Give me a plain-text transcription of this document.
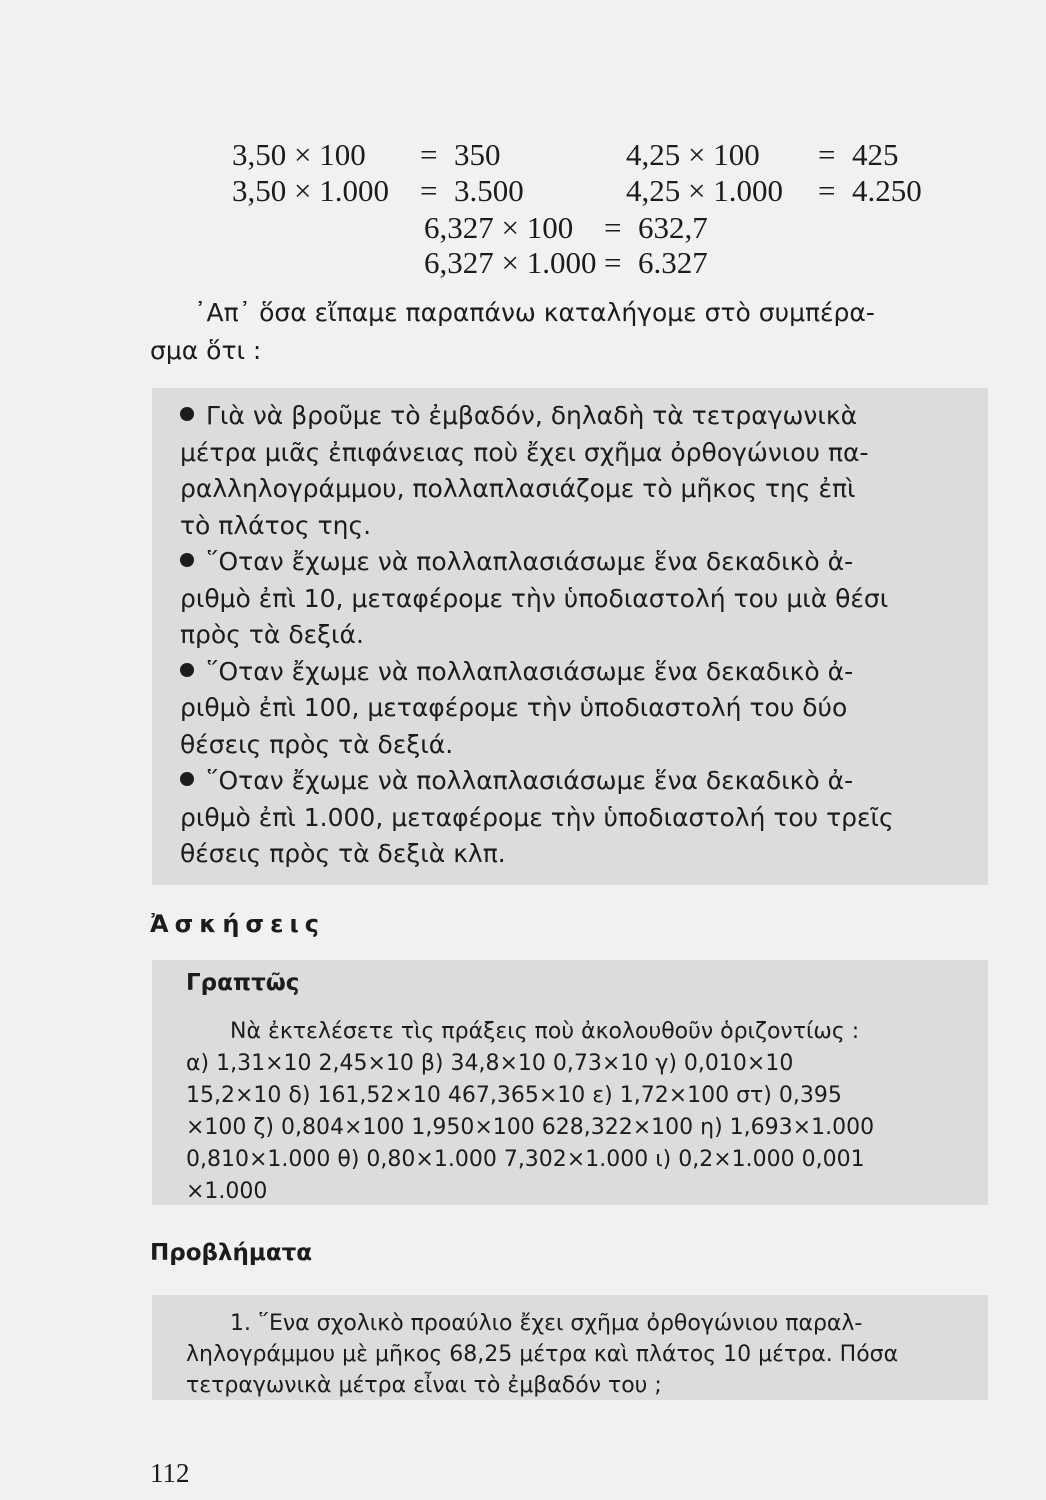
3,50 × 100 = 350
3,50 × 1.000 = 3.500
4,25 × 100 = 425
4,25 × 1.000 = 4.250
6,327 × 100 = 632,7
6,327 × 1.000 = 6.327

᾿Απ᾿ ὅσα εἴπαμε παραπάνω καταλήγομε στὸ συμπέρα-
σμα ὅτι :

Γιὰ νὰ βροῦμε τὸ ἐμβαδόν, δηλαδὴ τὰ τετραγωνικὰ
μέτρα μιᾶς ἐπιφάνειας ποὺ ἔχει σχῆμα ὀρθογώνιου πα-
ραλληλογράμμου, πολλαπλασιάζομε τὸ μῆκος της ἐπὶ
τὸ πλάτος της.
῞Οταν ἔχωμε νὰ πολλαπλασιάσωμε ἕνα δεκαδικὸ ἀ-
ριθμὸ ἐπὶ 10, μεταφέρομε τὴν ὑποδιαστολή του μιὰ θέσι
πρὸς τὰ δεξιά.
῞Οταν ἔχωμε νὰ πολλαπλασιάσωμε ἕνα δεκαδικὸ ἀ-
ριθμὸ ἐπὶ 100, μεταφέρομε τὴν ὑποδιαστολή του δύο
θέσεις πρὸς τὰ δεξιά.
῞Οταν ἔχωμε νὰ πολλαπλασιάσωμε ἕνα δεκαδικὸ ἀ-
ριθμὸ ἐπὶ 1.000, μεταφέρομε τὴν ὑποδιαστολή του τρεῖς
θέσεις πρὸς τὰ δεξιὰ κλπ.
Ἀσκήσεις
Γραπτῶς

Νὰ ἐκτελέσετε τὶς πράξεις ποὺ ἀκολουθοῦν ὁριζοντίως :
α) 1,31×10 2,45×10 β) 34,8×10 0,73×10 γ) 0,010×10
15,2×10 δ) 161,52×10 467,365×10 ε) 1,72×100 στ) 0,395
×100 ζ) 0,804×100 1,950×100 628,322×100 η) 1,693×1.000
0,810×1.000 θ) 0,80×1.000 7,302×1.000 ι) 0,2×1.000 0,001
×1.000

Προβλήματα

1. ῞Ενα σχολικὸ προαύλιο ἔχει σχῆμα ὀρθογώνιου παραλ-
ληλογράμμου μὲ μῆκος 68,25 μέτρα καὶ πλάτος 10 μέτρα. Πόσα
τετραγωνικὰ μέτρα εἶναι τὸ ἐμβαδόν του ;

112
